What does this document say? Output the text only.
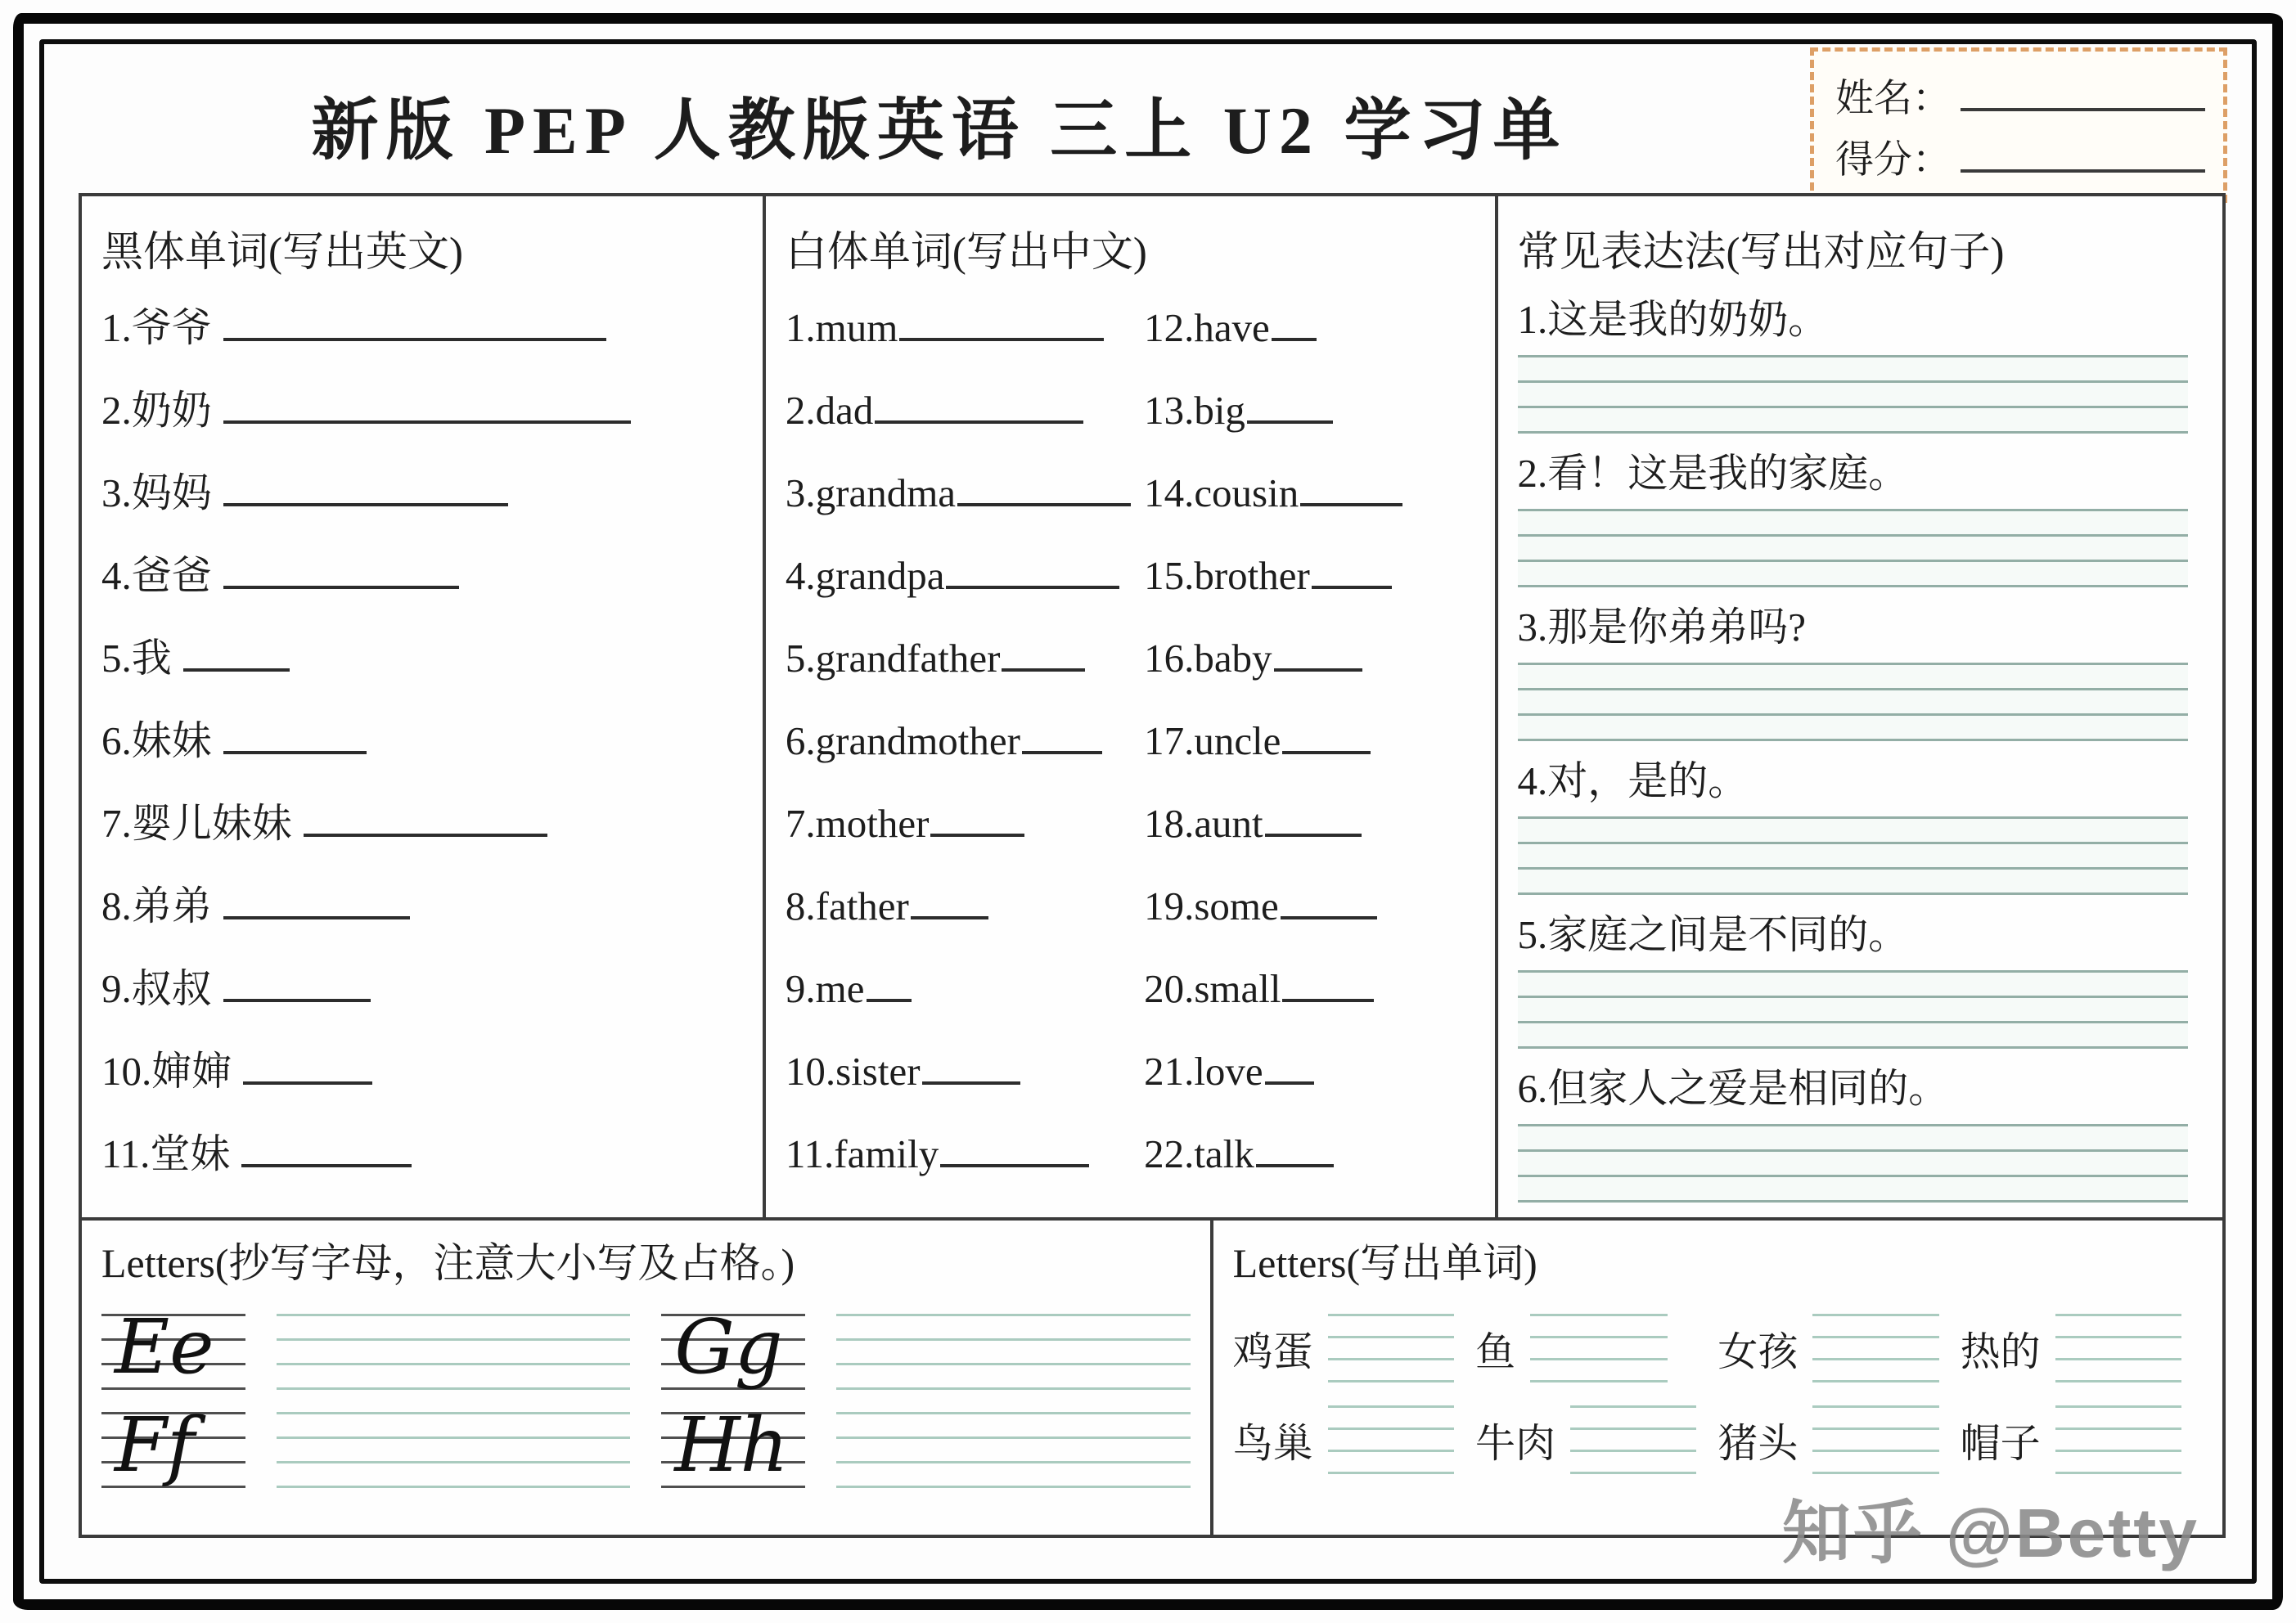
新版 PEP 人教版英语 三上 U2 学习单	姓名：
得分：
黑体单词(写出英文)
1.爷爷
2.奶奶
3.妈妈
4.爸爸
5.我
6.妹妹
7.婴儿妹妹
8.弟弟
9.叔叔
10.婶婶
11.堂妹
白体单词(写出中文)
1.mum
2.dad
3.grandma
4.grandpa
5.grandfather
6.grandmother
7.mother
8.father
9.me
10.sister
11.family
12.have
13.big
14.cousin
15.brother
16.baby
17.uncle
18.aunt
19.some
20.small
21.love
22.talk
常见表达法(写出对应句子)
1.这是我的奶奶。
2.看！这是我的家庭。
3.那是你弟弟吗?
4.对，是的。
5.家庭之间是不同的。
6.但家人之爱是相同的。
Letters(抄写字母，注意大小写及占格。)
Ee	Gg
Ff	Hh
Letters(写出单词)
鸡蛋	鱼	女孩	热的
鸟巢	牛肉	猪头	帽子
知乎 @Betty
